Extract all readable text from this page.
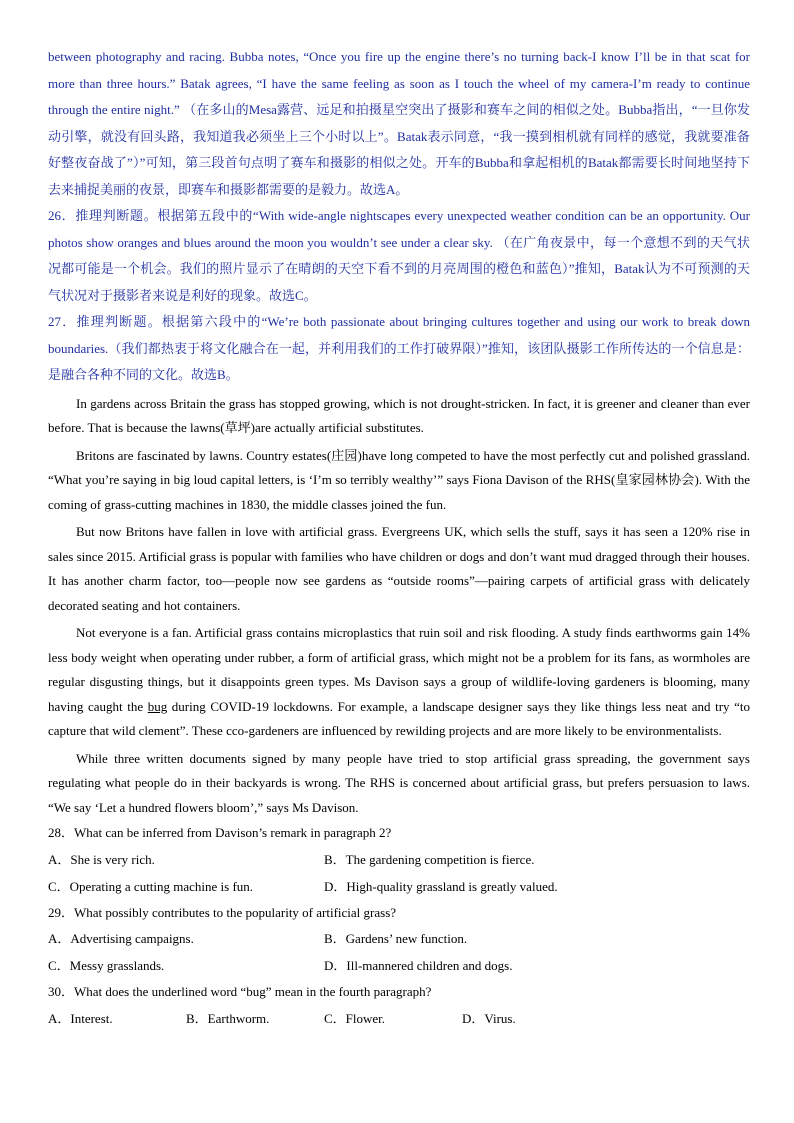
between photography and racing. Bubba notes, “Once you fire up the engine there’s no turning back-I know I’ll be in that scat for more than three hours.” Batak agrees, “I have the same feeling as soon as I touch the wheel of my camera-I’m ready to continue through the entire night.” （在多山的Mesa露营、远足和拍摄星空突出了摄影和赛车之间的相似之处。Bubba指出，“一旦你发动引擎，就没有回头路，我知道我必须坐上三个小时以上”。Batak表示同意，“我一摸到相机就有同样的感觉，我就要准备好整夜奋战了”）”可知，第三段首句点明了赛车和摄影的相似之处。开车的Bubba和拿起相机的Batak都需要长时间地坚持下去来捕捉美丽的夜景，即赛车和摄影都需要的是毅力。故选A。

26．推理判断题。根据第五段中的“With wide-angle nightscapes every unexpected weather condition can be an opportunity. Our photos show oranges and blues around the moon you wouldn’t see under a clear sky. （在广角夜景中，每一个意想不到的天气状况都可能是一个机会。我们的照片显示了在晴朗的天空下看不到的月亮周围的橙色和蓝色）”推知，Batak认为不可预测的天气状况对于摄影者来说是利好的现象。故选C。

27．推理判断题。根据第六段中的“We’re both passionate about bringing cultures together and using our work to break down boundaries.（我们都热衷于将文化融合在一起，并利用我们的工作打破界限）”推知，该团队摄影工作所传达的一个信息是：是融合各种不同的文化。故选B。

In gardens across Britain the grass has stopped growing, which is not drought-stricken. In fact, it is greener and cleaner than ever before. That is because the lawns(草坪)are actually artificial substitutes.

Britons are fascinated by lawns. Country estates(庄园)have long competed to have the most perfectly cut and polished grassland. “What you’re saying in big loud capital letters, is ‘I’m so terribly wealthy’” says Fiona Davison of the RHS(皇家园林协会). With the coming of grass-cutting machines in 1830, the middle classes joined the fun.

But now Britons have fallen in love with artificial grass. Evergreens UK, which sells the stuff, says it has seen a 120% rise in sales since 2015. Artificial grass is popular with families who have children or dogs and don’t want mud dragged through their houses. It has another charm factor, too—people now see gardens as “outside rooms”—pairing carpets of artificial grass with delicately decorated seating and hot containers.

Not everyone is a fan. Artificial grass contains microplastics that ruin soil and risk flooding. A study finds earthworms gain 14% less body weight when operating under rubber, a form of artificial grass, which might not be a problem for its fans, as wormholes are regular disgusting things, but it disappoints green types. Ms Davison says a group of wildlife-loving gardeners is blooming, many having caught the bug during COVID-19 lockdowns. For example, a landscape designer says they like things less neat and try “to capture that wild clement”. These cco-gardeners are influenced by rewilding projects and are more likely to be environmentalists.

While three written documents signed by many people have tried to stop artificial grass spreading, the government says regulating what people do in their backyards is wrong. The RHS is concerned about artificial grass, but prefers persuasion to laws. “We say ‘Let a hundred flowers bloom’,” says Ms Davison.

28．What can be inferred from Davison’s remark in paragraph 2?

A．She is very rich.	B．The gardening competition is fierce.
C．Operating a cutting machine is fun.	D．High-quality grassland is greatly valued.

29．What possibly contributes to the popularity of artificial grass?

A．Advertising campaigns.	B．Gardens’ new function.
C．Messy grasslands.	D．Ill-mannered children and dogs.

30．What does the underlined word “bug” mean in the fourth paragraph?

A．Interest.	B．Earthworm.	C．Flower.	D．Virus.
